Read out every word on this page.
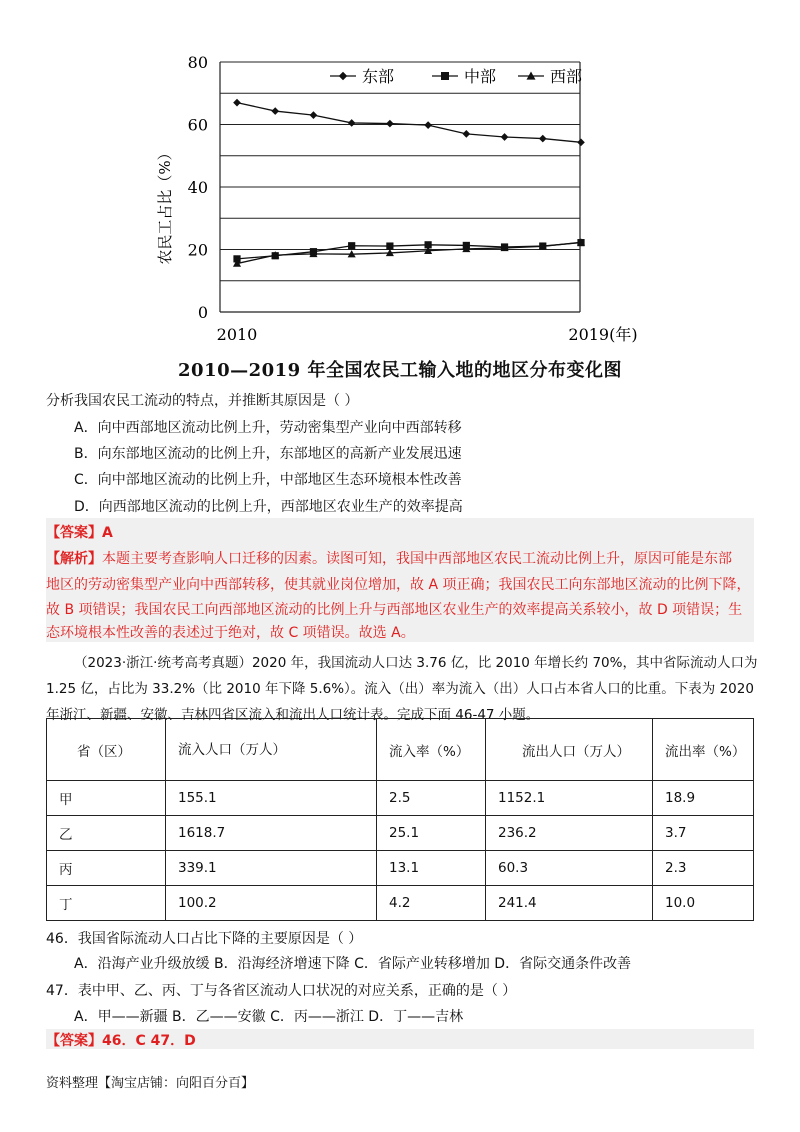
0
20
40
60
80
2010	2019(年)
东部	中部	西部
农民工占比（%）
2010—2019 年全国农民工输入地的地区分布变化图
分析我国农民工流动的特点，并推断其原因是（ ）
A．向中西部地区流动比例上升，劳动密集型产业向中西部转移
B．向东部地区流动的比例上升，东部地区的高新产业发展迅速
C．向中部地区流动的比例上升，中部地区生态环境根本性改善
D．向西部地区流动的比例上升，西部地区农业生产的效率提高
【答案】A
【解析】本题主要考查影响人口迁移的因素。读图可知，我国中西部地区农民工流动比例上升，原因可能是东部
地区的劳动密集型产业向中西部转移，使其就业岗位增加，故 A 项正确；我国农民工向东部地区流动的比例下降，
故 B 项错误；我国农民工向西部地区流动的比例上升与西部地区农业生产的效率提高关系较小，故 D 项错误；生
态环境根本性改善的表述过于绝对，故 C 项错误。故选 A。
（2023·浙江·统考高考真题）2020 年，我国流动人口达 3.76 亿，比 2010 年增长约 70%，其中省际流动人口为
1.25 亿，占比为 33.2%（比 2010 年下降 5.6%）。流入（出）率为流入（出）人口占本省人口的比重。下表为 2020
年浙江、新疆、安徽、吉林四省区流入和流出人口统计表。完成下面 46-47 小题。
省（区）	流入人口（万人）	流入率（%）	流出人口（万人）	流出率（%）
甲	155.1	2.5	1152.1	18.9
乙	1618.7	25.1	236.2	3.7
丙	339.1	13.1	60.3	2.3
丁	100.2	4.2	241.4	10.0
46．我国省际流动人口占比下降的主要原因是（ ）
A．沿海产业升级放缓 B．沿海经济增速下降 C．省际产业转移增加 D．省际交通条件改善
47．表中甲、乙、丙、丁与各省区流动人口状况的对应关系，正确的是（ ）
A．甲——新疆 B．乙——安徽 C．丙——浙江 D．丁——吉林
【答案】46．C 47．D
资料整理【淘宝店铺：向阳百分百】
